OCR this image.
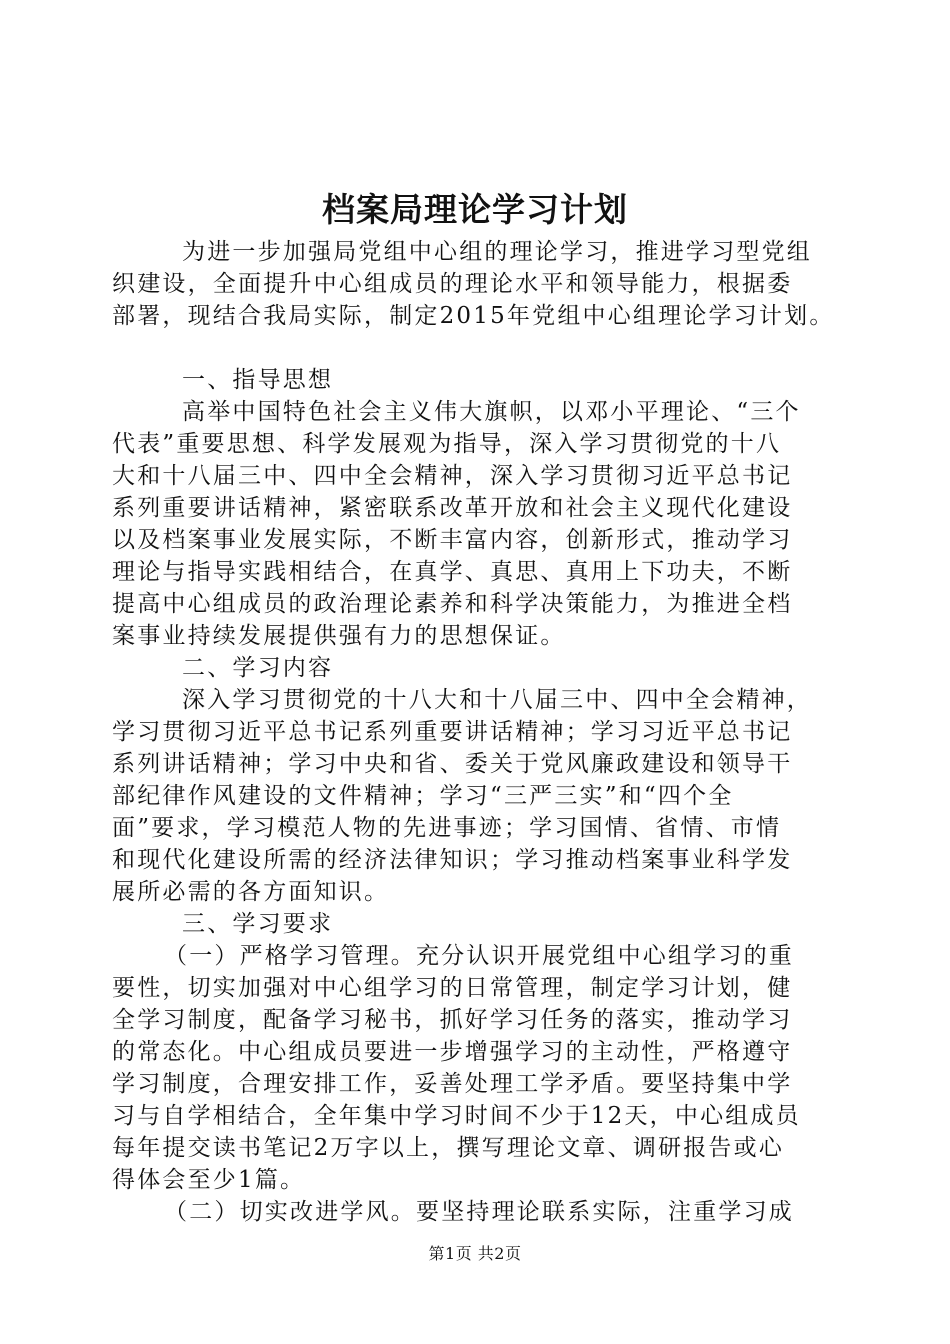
档案局理论学习计划
为进一步加强局党组中心组的理论学习，推进学习型党组
织建设，全面提升中心组成员的理论水平和领导能力，根据委
部署，现结合我局实际，制定2015年党组中心组理论学习计划。
一、指导思想
高举中国特色社会主义伟大旗帜，以邓小平理论、“三个
代表”重要思想、科学发展观为指导，深入学习贯彻党的十八
大和十八届三中、四中全会精神，深入学习贯彻习近平总书记
系列重要讲话精神，紧密联系改革开放和社会主义现代化建设
以及档案事业发展实际，不断丰富内容，创新形式，推动学习
理论与指导实践相结合，在真学、真思、真用上下功夫，不断
提高中心组成员的政治理论素养和科学决策能力，为推进全档
案事业持续发展提供强有力的思想保证。
二、学习内容
深入学习贯彻党的十八大和十八届三中、四中全会精神，
学习贯彻习近平总书记系列重要讲话精神；学习习近平总书记
系列讲话精神；学习中央和省、委关于党风廉政建设和领导干
部纪律作风建设的文件精神；学习“三严三实”和“四个全
面”要求，学习模范人物的先进事迹；学习国情、省情、市情
和现代化建设所需的经济法律知识；学习推动档案事业科学发
展所必需的各方面知识。
三、学习要求
（一）严格学习管理。充分认识开展党组中心组学习的重
要性，切实加强对中心组学习的日常管理，制定学习计划，健
全学习制度，配备学习秘书，抓好学习任务的落实，推动学习
的常态化。中心组成员要进一步增强学习的主动性，严格遵守
学习制度，合理安排工作，妥善处理工学矛盾。要坚持集中学
习与自学相结合，全年集中学习时间不少于12天，中心组成员
每年提交读书笔记2万字以上，撰写理论文章、调研报告或心
得体会至少1篇。
（二）切实改进学风。要坚持理论联系实际，注重学习成
第1页 共2页
